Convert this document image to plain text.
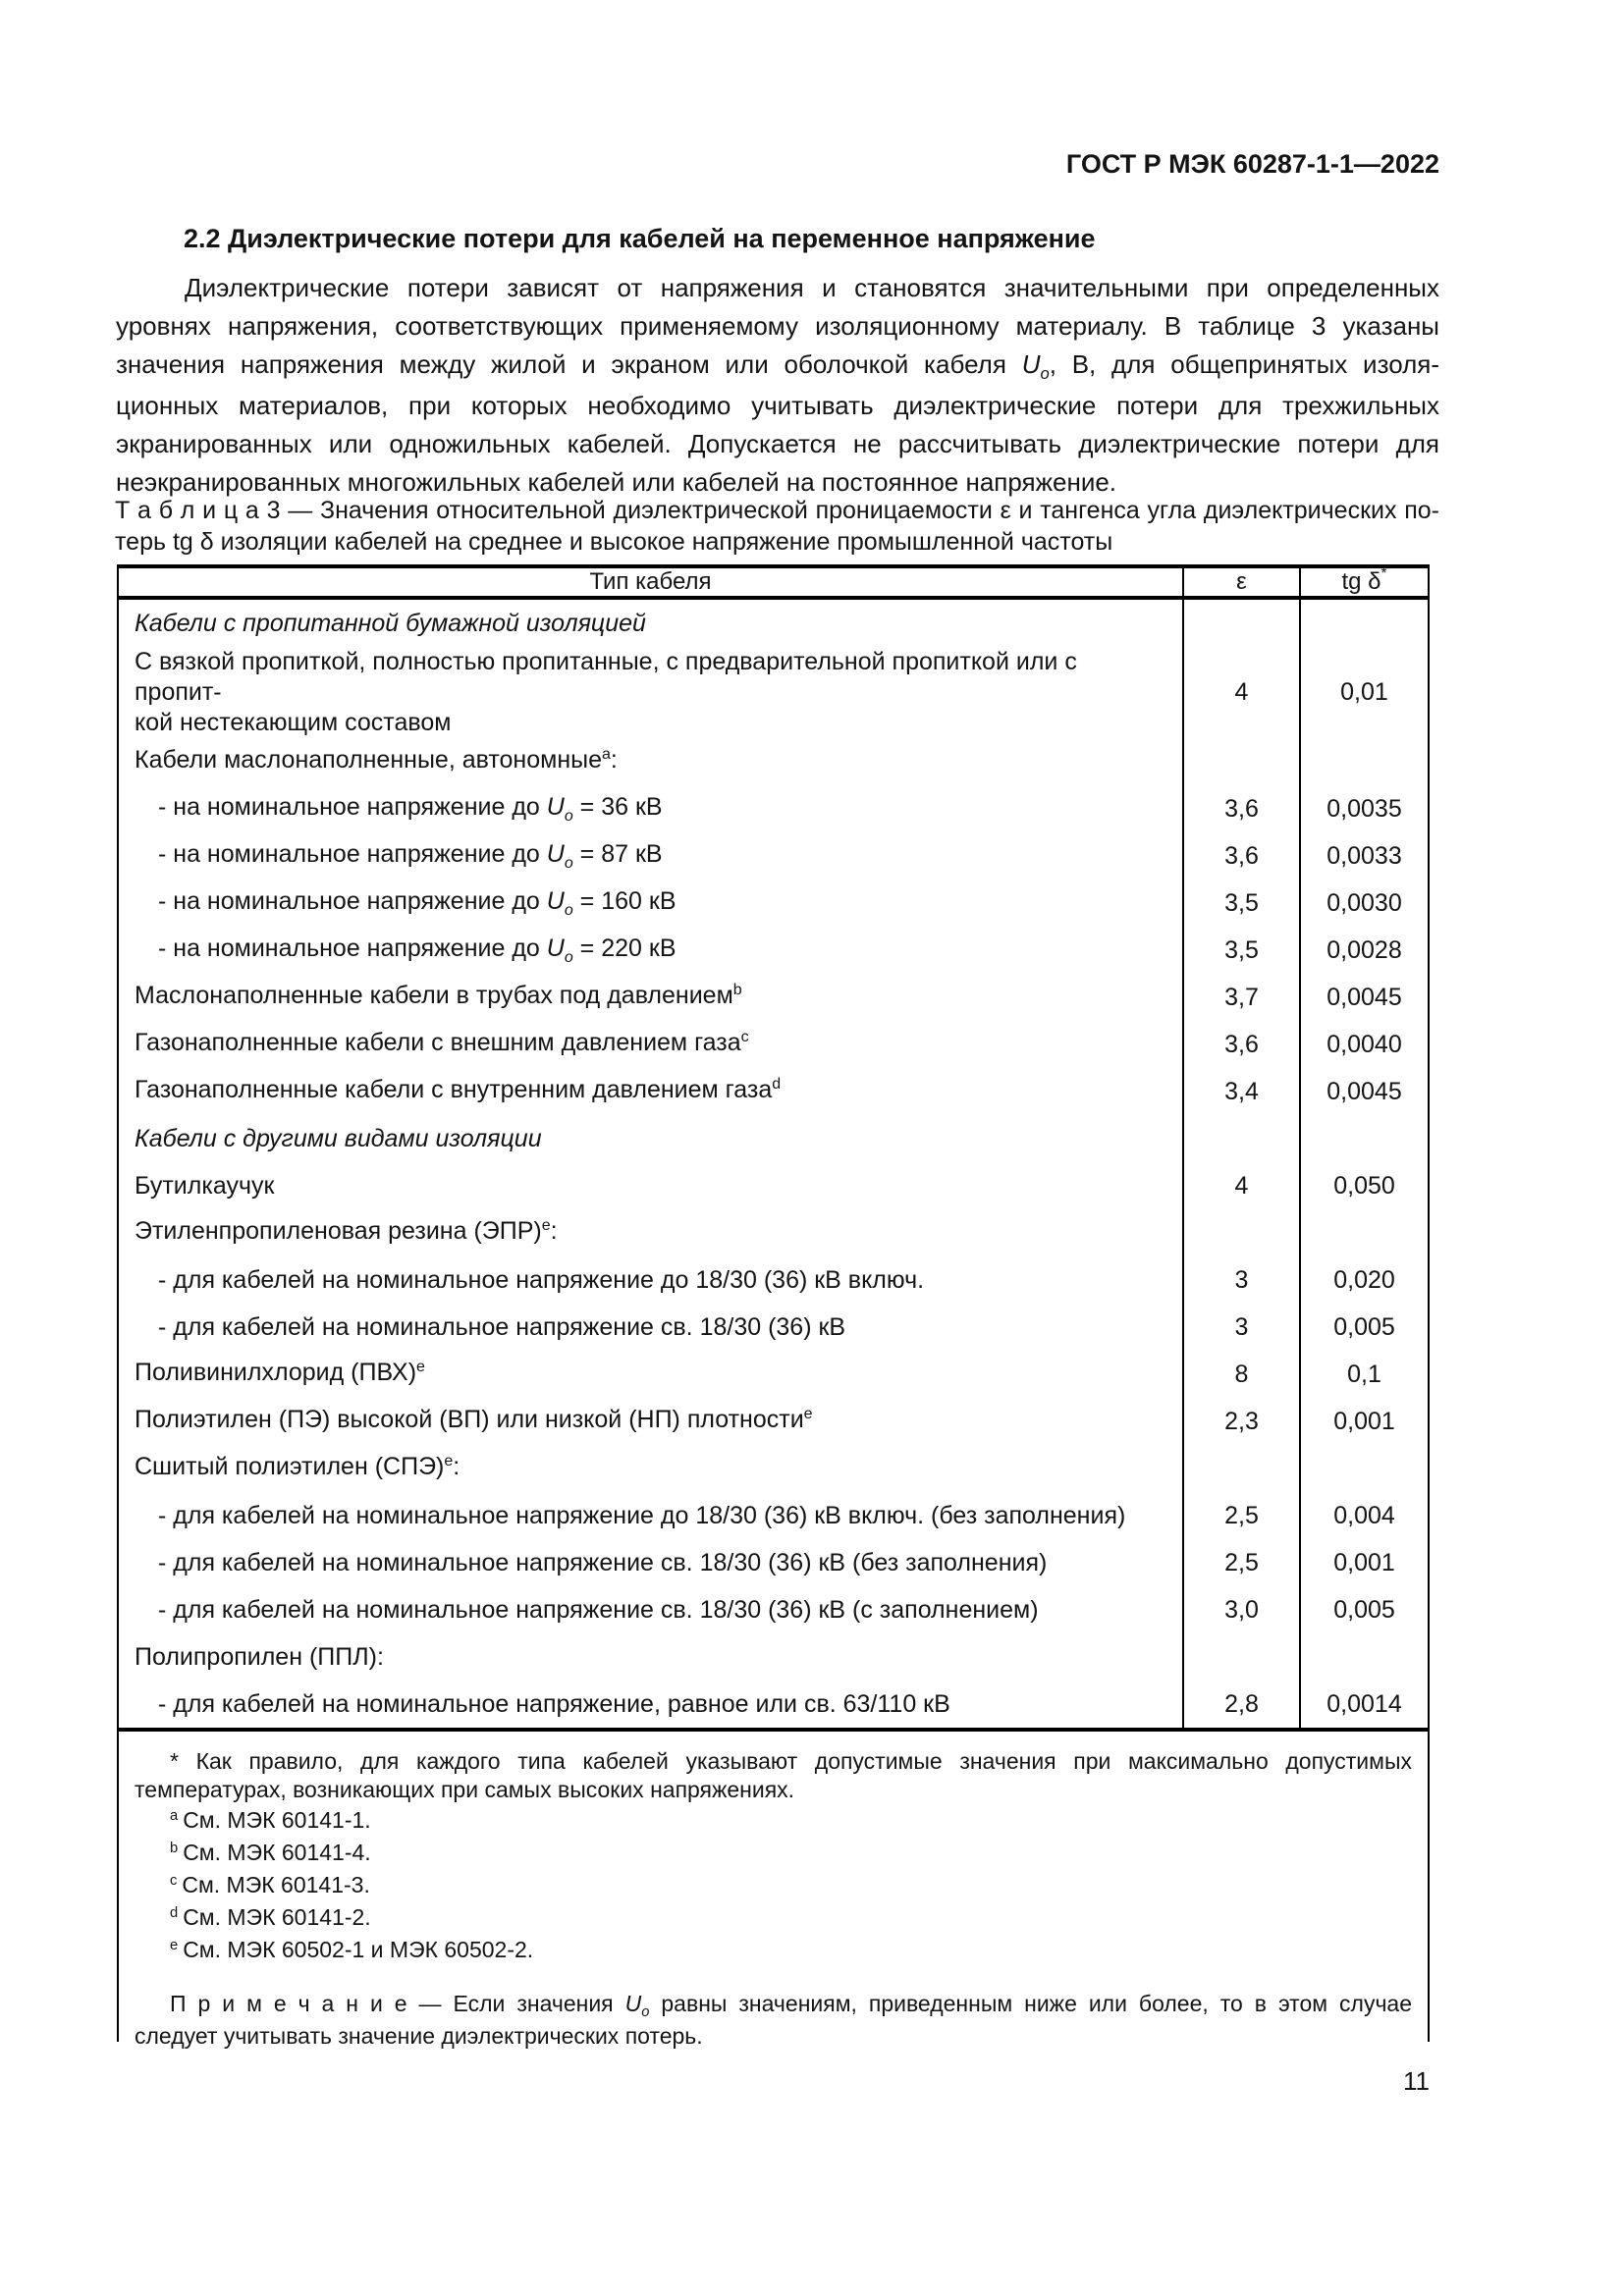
ГОСТ Р МЭК 60287-1-1—2022
2.2 Диэлектрические потери для кабелей на переменное напряжение
Диэлектрические потери зависят от напряжения и становятся значительными при определенных
уровнях напряжения, соответствующих применяемому изоляционному материалу. В таблице 3 указаны
значения напряжения между жилой и экраном или оболочкой кабеля $U_o$, В, для общепринятых изоля-
ционных материалов, при которых необходимо учитывать диэлектрические потери для трехжильных
экранированных или одножильных кабелей. Допускается не рассчитывать диэлектрические потери для
неэкранированных многожильных кабелей или кабелей на постоянное напряжение.
Т а б л и ц а 3 — Значения относительной диэлектрической проницаемости ε и тангенса угла диэлектрических по-
терь tg δ изоляции кабелей на среднее и высокое напряжение промышленной частоты
Тип кабеля	ε	tg δ *
Кабели с пропитанной бумажной изоляцией
С вязкой пропиткой, полностью пропитанные, с предварительной пропиткой или с пропит-
кой нестекающим составом
4	0,01
Кабели маслонаполненные, автономные$^a$:
- на номинальное напряжение до $U_o = 36$ кВ	3,6	0,0035
- на номинальное напряжение до $U_o = 87$ кВ	3,6	0,0033
- на номинальное напряжение до $U_o = 160$ кВ	3,5	0,0030
- на номинальное напряжение до $U_o = 220$ кВ	3,5	0,0028
Маслонаполненные кабели в трубах под давлением$^b$	3,7	0,0045
Газонаполненные кабели с внешним давлением газа$^c$	3,6	0,0040
Газонаполненные кабели с внутренним давлением газа$^d$	3,4	0,0045
Кабели с другими видами изоляции
Бутилкаучук	4	0,050
Этиленпропиленовая резина (ЭПР)$^e$:
- для кабелей на номинальное напряжение до 18/30 (36) кВ включ.	3	0,020
- для кабелей на номинальное напряжение св. 18/30 (36) кВ	3	0,005
Поливинилхлорид (ПВХ)$^e$	8	0,1
Полиэтилен (ПЭ) высокой (ВП) или низкой (НП) плотности$^e$	2,3	0,001
Сшитый полиэтилен (СПЭ)$^e$:
- для кабелей на номинальное напряжение до 18/30 (36) кВ включ. (без заполнения)	2,5	0,004
- для кабелей на номинальное напряжение св. 18/30 (36) кВ (без заполнения)	2,5	0,001
- для кабелей на номинальное напряжение св. 18/30 (36) кВ (с заполнением)	3,0	0,005
Полипропилен (ППЛ):
- для кабелей на номинальное напряжение, равное или св. 63/110 кВ	2,8	0,0014
* Как правило, для каждого типа кабелей указывают допустимые значения при максимально допустимых
температурах, возникающих при самых высоких напряжениях.
$^a$ См. МЭК 60141-1.
$^b$ См. МЭК 60141-4.
$^c$ См. МЭК 60141-3.
$^d$ См. МЭК 60141-2.
$^e$ См. МЭК 60502-1 и МЭК 60502-2.
П р и м е ч а н и е — Если значения $U_o$ равны значениям, приведенным ниже или более, то в этом случае
следует учитывать значение диэлектрических потерь.
11
